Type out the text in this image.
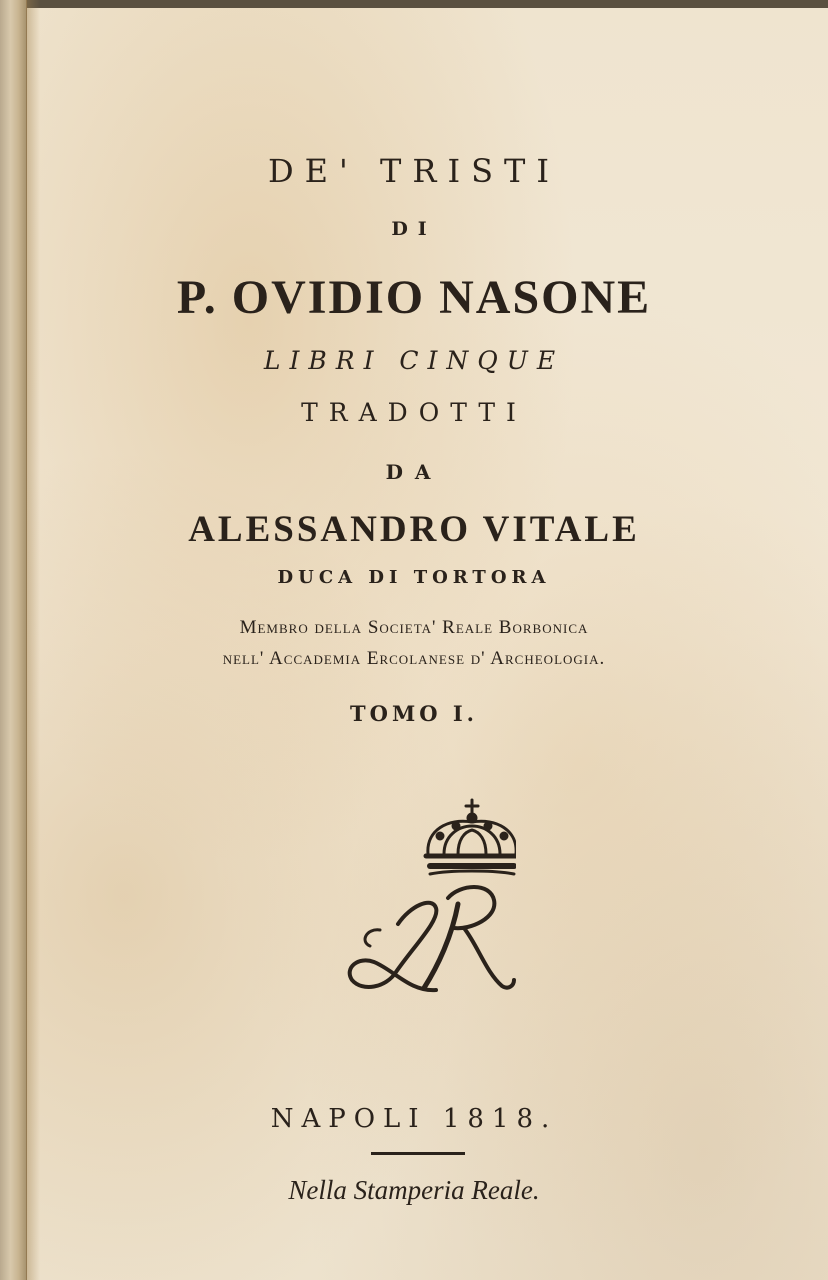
DE' TRISTI
DI
P. OVIDIO NASONE
LIBRI CINQUE
TRADOTTI
DA
ALESSANDRO VITALE
DUCA DI TORTORA
Membro della Societa' Reale Borbonica
nell' Accademia Ercolanese d' Archeologia.
TOMO I.
NAPOLI 1818.
Nella Stamperia Reale.
